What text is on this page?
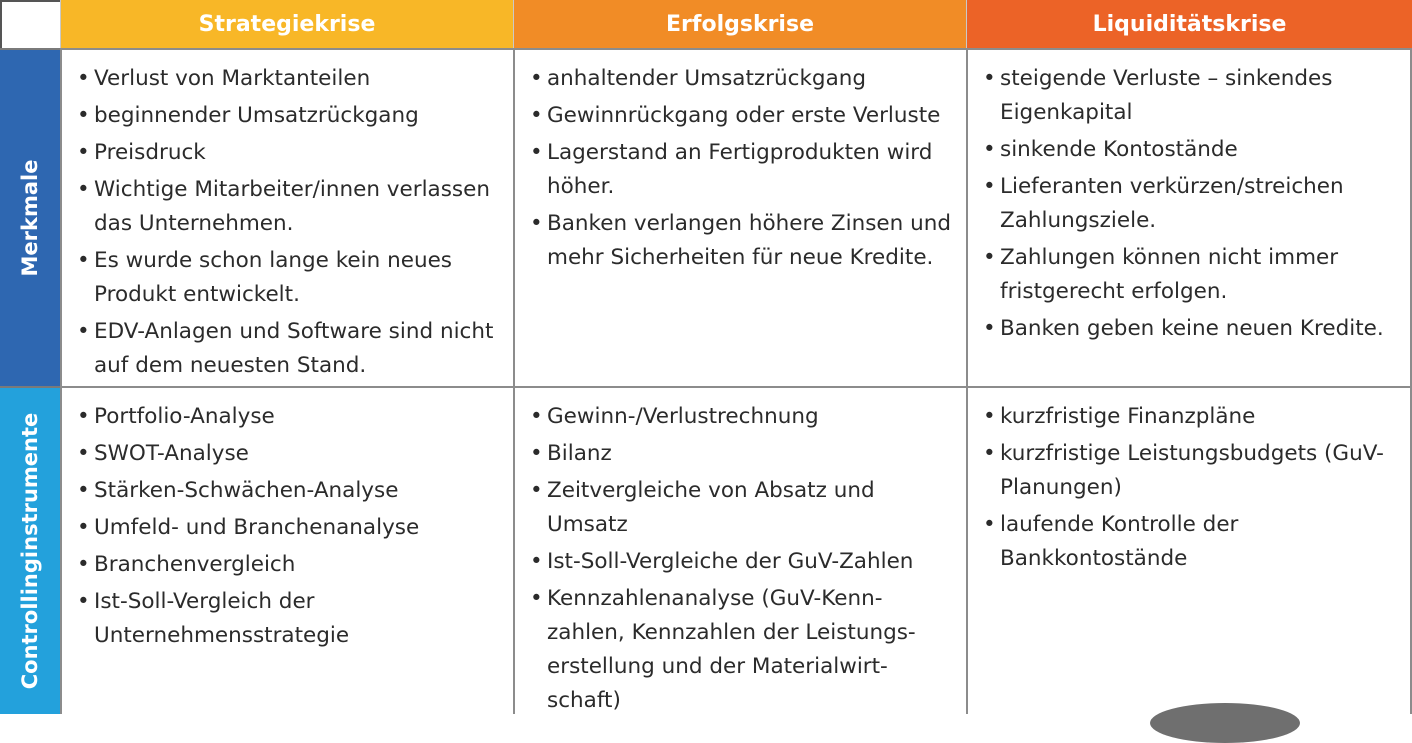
Strategiekrise	Erfolgskrise	Liquiditätskrise
Merkmale
• Verlust von Marktanteilen
• beginnender Umsatzrückgang
• Preisdruck
• Wichtige Mitarbeiter/innen verlassen das Unternehmen.
• Es wurde schon lange kein neues Produkt entwickelt.
• EDV-Anlagen und Software sind nicht auf dem neuesten Stand.
• anhaltender Umsatzrückgang
• Gewinnrückgang oder erste Verluste
• Lagerstand an Fertigprodukten wird höher.
• Banken verlangen höhere Zinsen und mehr Sicherheiten für neue Kredite.
• steigende Verluste – sinkendes Eigenkapital
• sinkende Kontostände
• Lieferanten verkürzen/streichen Zahlungsziele.
• Zahlungen können nicht immer fristgerecht erfolgen.
• Banken geben keine neuen Kredite.
Controllinginstrumente
•	Portfolio-Analyse
• SWOT-Analyse
• Stärken-Schwächen-Analyse
• Umfeld- und Branchenanalyse
• Branchenvergleich
• Ist-Soll-Vergleich der Unternehmensstrategie
• Gewinn-/Verlustrechnung
• Bilanz
• Zeitvergleiche von Absatz und Umsatz
• Ist-Soll-Vergleiche der GuV-Zahlen
• Kennzahlenanalyse (GuV-Kenn-zahlen, Kennzahlen der Leistungs-erstellung und der Materialwirt-schaft)
• kurzfristige Finanzpläne
• kurzfristige Leistungsbudgets (GuV-Planungen)
• laufende Kontrolle der Bankkontostände
